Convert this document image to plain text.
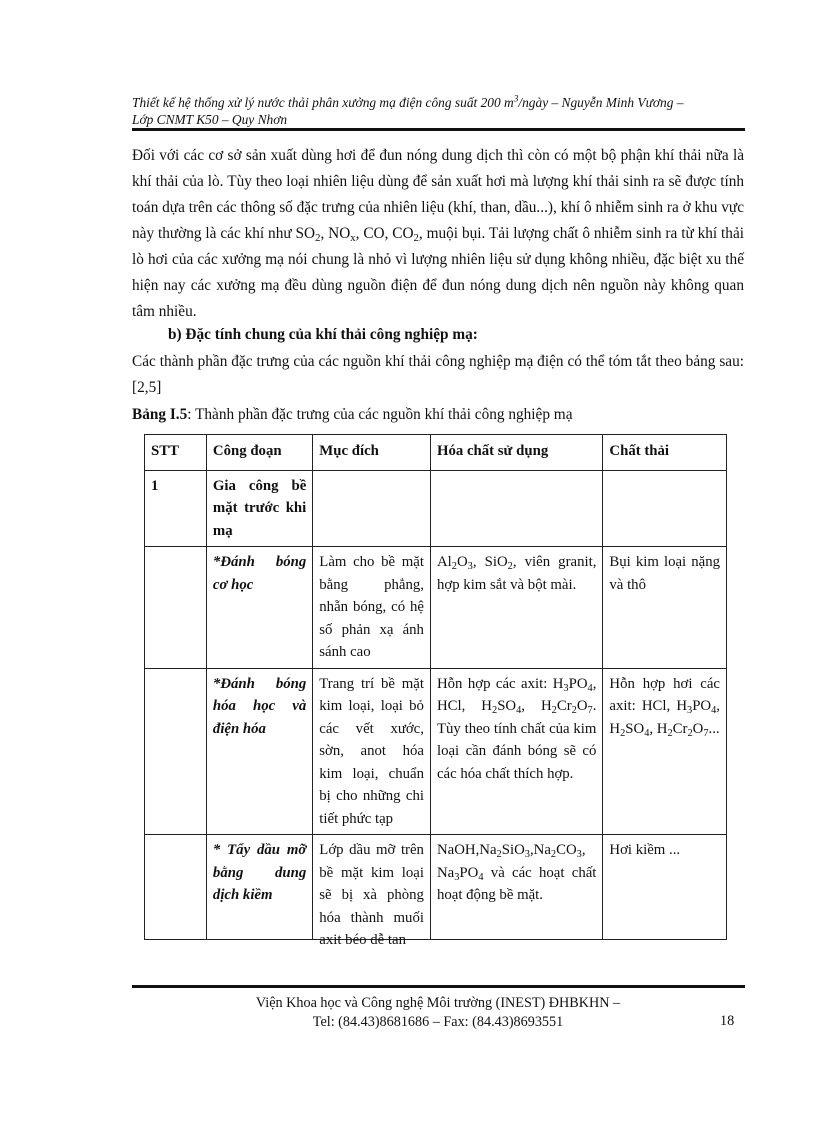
Thiết kế hệ thống xử lý nước thải phân xưởng mạ điện công suất 200 $m^3$/ngày – Nguyễn Minh Vương –
Lớp CNMT K50 – Quy Nhơn

Đối với các cơ sở sản xuất dùng hơi để đun nóng dung dịch thì còn có một bộ phận khí thải nữa là khí thải của lò. Tùy theo loại nhiên liệu dùng để sản xuất hơi mà lượng khí thải sinh ra sẽ được tính toán dựa trên các thông số đặc trưng của nhiên liệu (khí, than, dầu...), khí ô nhiễm sinh ra ở khu vực này thường là các khí như $SO_2$, $NO_x$, CO, $CO_2$, muội bụi. Tải lượng chất ô nhiễm sinh ra từ khí thải lò hơi của các xưởng mạ nói chung là nhỏ vì lượng nhiên liệu sử dụng không nhiều, đặc biệt xu thế hiện nay các xưởng mạ đều dùng nguồn điện để đun nóng dung dịch nên nguồn này không quan tâm nhiều.

b) Đặc tính chung của khí thải công nghiệp mạ:

Các thành phần đặc trưng của các nguồn khí thải công nghiệp mạ điện có thể tóm tắt theo bảng sau: [2,5]

Bảng I.5: Thành phần đặc trưng của các nguồn khí thải công nghiệp mạ

STT	Công đoạn	Mục đích	Hóa chất sử dụng	Chất thải
1	Gia công bề mặt trước khi mạ			
	*Đánh bóng cơ học	Làm cho bề mặt bằng phẳng, nhẵn bóng, có hệ số phản xạ ánh sánh cao	$Al_2O_3$, SiO$_2$, viên granit, hợp kim sắt và bột mài.	Bụi kim loại nặng và thô
	*Đánh bóng hóa học và điện hóa	Trang trí bề mặt kim loại, loại bỏ các vết xước, sờn, anot hóa kim loại, chuẩn bị cho những chi tiết phức tạp	Hỗn hợp các axit: $H_3PO_4$, HCl, $H_2SO_4$, $H_2Cr_2O_7$. Tùy theo tính chất của kim loại cần đánh bóng sẽ có các hóa chất thích hợp.	Hỗn hợp hơi các axit: HCl, $H_3PO_4$, $H_2SO_4$, $H_2Cr_2O_7$...
	* Tẩy dầu mỡ bằng dung dịch kiềm	Lớp dầu mỡ trên bề mặt kim loại sẽ bị xà phòng hóa thành muối axit béo dễ tan	$NaOH,Na_2SiO_3,Na_2CO_3$, $Na_3PO_4$ và các hoạt chất hoạt động bề mặt.	Hơi kiềm ...
Viện Khoa học và Công nghệ Môi trường (INEST) ĐHBKHN –
Tel: (84.43)8681686 – Fax: (84.43)8693551	18
